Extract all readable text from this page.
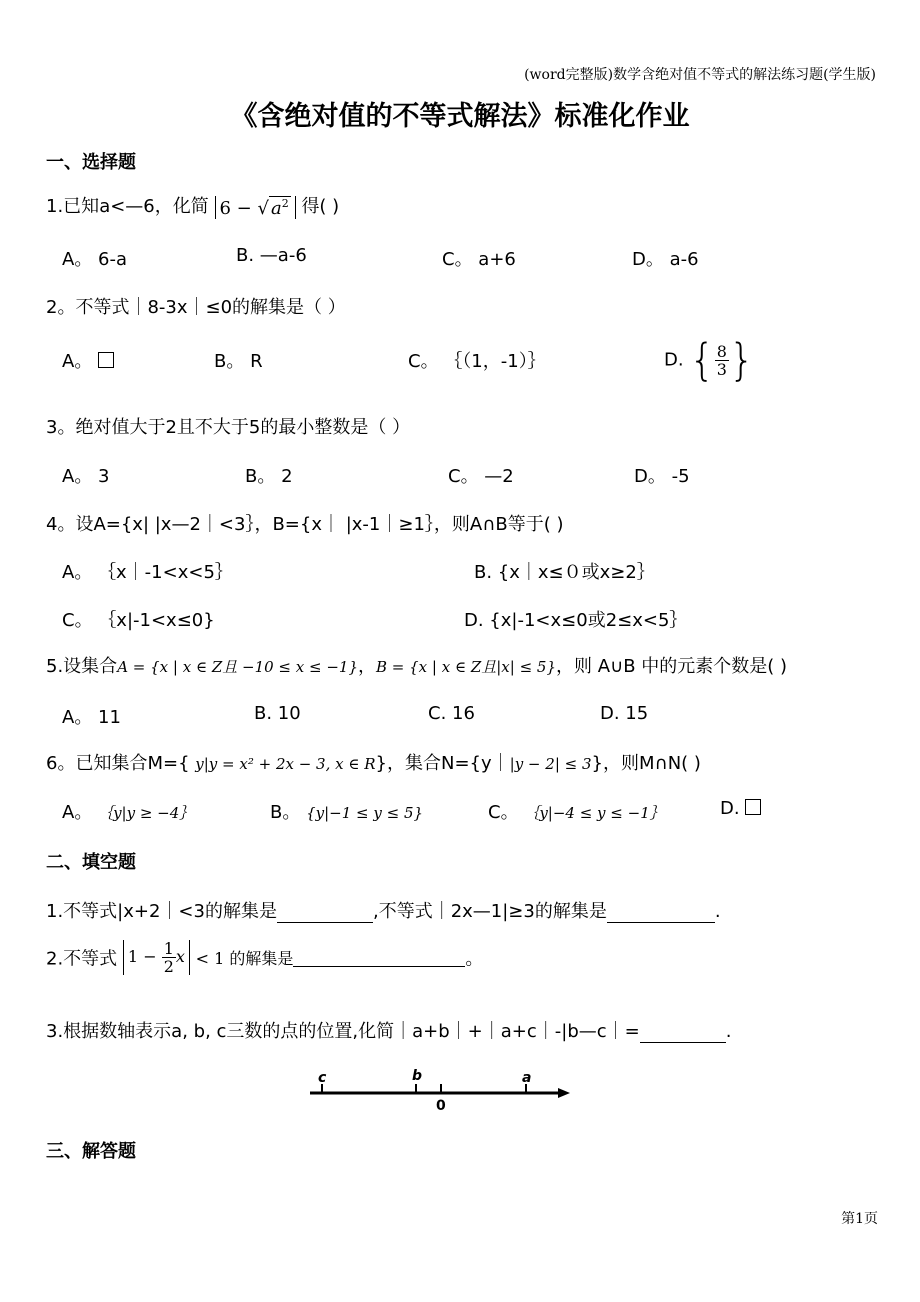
(word完整版)数学含绝对值不等式的解法练习题(学生版)
《含绝对值的不等式解法》标准化作业
一、选择题
1.已知a<—6，化简 6 − √ $a^2$ 得( )
A。 6-a	B. —a-6	C。 a+6	D。 a-6
2。不等式｜8-3x｜≤0的解集是（ ）
A。	B。 R	C。 ｛（1，-1）｝	D. { $\frac{8}{3}$ }
3。绝对值大于2且不大于5的最小整数是（ ）
A。 3	B。 2	C。 —2	D。 -5
4。设A={x| |x—2｜<3｝，B={x｜ |x-1｜≥1｝，则A∩B等于( )
A。 ｛x｜-1<x<5｝	B. {x｜x≤０或x≥2｝
C。 ｛x|-1<x≤0}	D. {x|-1<x≤0或2≤x<5｝
5.设集合A = {x | x ∈ Z且 −10 ≤ x ≤ −1}，B = {x | x ∈ Z且|x| ≤ 5}，则 A∪B 中的元素个数是( )
A。 11	B. 10	C. 16	D. 15
6。已知集合M={ y|y = x² + 2x − 3, x ∈ R}，集合N={y｜|y − 2| ≤ 3}，则M∩N( )
A。 ｛y|y ≥ −4｝	B。 {y|−1 ≤ y ≤ 5}	C。 ｛y|−4 ≤ y ≤ −1｝	D.
二、填空题
1.不等式|x+2｜<3的解集是	,不等式｜2x—1|≥3的解集是	.
2.不等式 $1 - \frac{1}{2}$ x < 1 的解集是	。
3.根据数轴表示a, b, c三数的点的位置,化简｜a+b｜+｜a+c｜-|b—c｜=	.
c	b
0
a
三、解答题
第1页
